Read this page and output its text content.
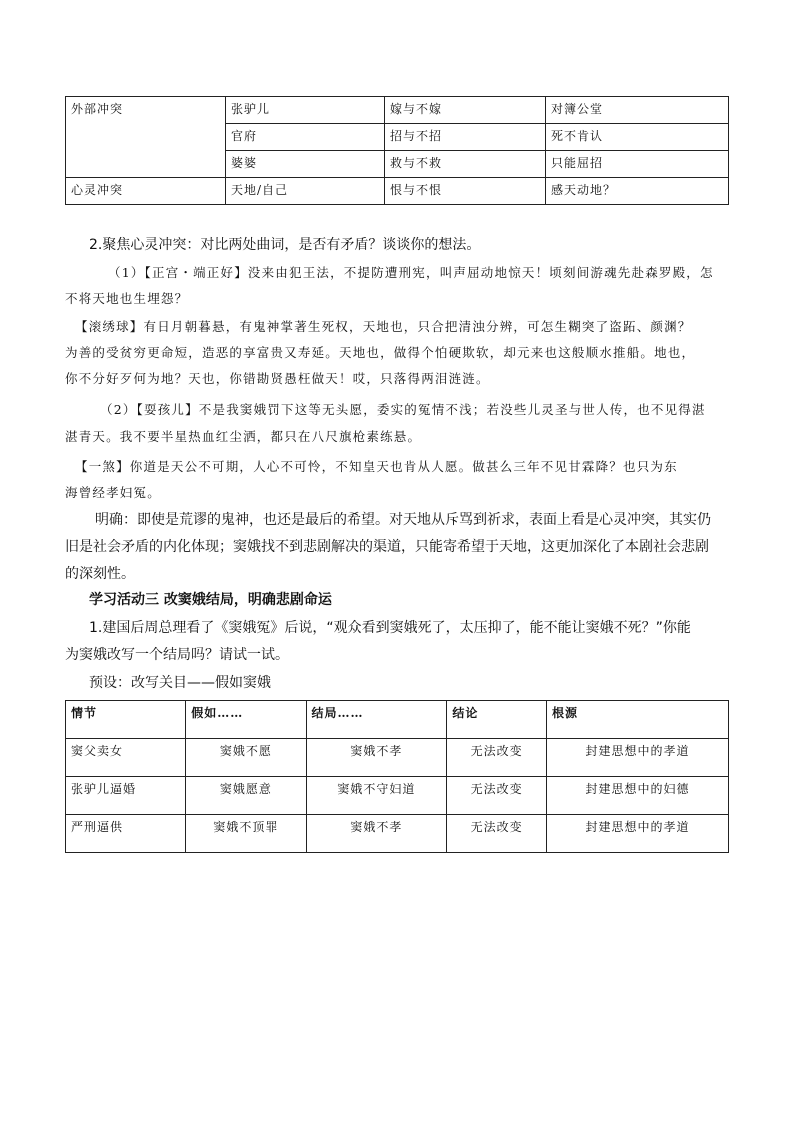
外部冲突	张驴儿	嫁与不嫁	对簿公堂
	官府	招与不招	死不肯认
	婆婆	救与不救	只能屈招
心灵冲突	天地/自己	恨与不恨	感天动地？
2.聚焦心灵冲突：对比两处曲词，是否有矛盾？谈谈你的想法。
（1）【正宫・端正好】没来由犯王法，不提防遭刑宪，叫声屈动地惊天！顷刻间游魂先赴森罗殿，怎
不将天地也生埋怨？
【滚绣球】有日月朝暮悬，有鬼神掌著生死权，天地也，只合把清浊分辨，可怎生糊突了盗跖、颜渊？
为善的受贫穷更命短，造恶的享富贵又寿延。天地也，做得个怕硬欺软，却元来也这般顺水推船。地也，
你不分好歹何为地？天也，你错勘贤愚枉做天！哎，只落得两泪涟涟。
（2）【耍孩儿】不是我窦娥罚下这等无头愿，委实的冤情不浅；若没些儿灵圣与世人传，也不见得湛
湛青天。我不要半星热血红尘洒，都只在八尺旗枪素练悬。
【一煞】你道是天公不可期，人心不可怜，不知皇天也肯从人愿。做甚么三年不见甘霖降？也只为东
海曾经孝妇冤。
明确：即使是荒谬的鬼神，也还是最后的希望。对天地从斥骂到祈求，表面上看是心灵冲突，其实仍
旧是社会矛盾的内化体现；窦娥找不到悲剧解决的渠道，只能寄希望于天地，这更加深化了本剧社会悲剧
的深刻性。
学习活动三 改窦娥结局，明确悲剧命运
1.建国后周总理看了《窦娥冤》后说，“观众看到窦娥死了，太压抑了，能不能让窦娥不死？”你能
为窦娥改写一个结局吗？请试一试。
预设：改写关目——假如窦娥
情节	假如……	结局……	结论	根源
窦父卖女	窦娥不愿	窦娥不孝	无法改变	封建思想中的孝道
张驴儿逼婚	窦娥愿意	窦娥不守妇道	无法改变	封建思想中的妇德
严刑逼供	窦娥不顶罪	窦娥不孝	无法改变	封建思想中的孝道
